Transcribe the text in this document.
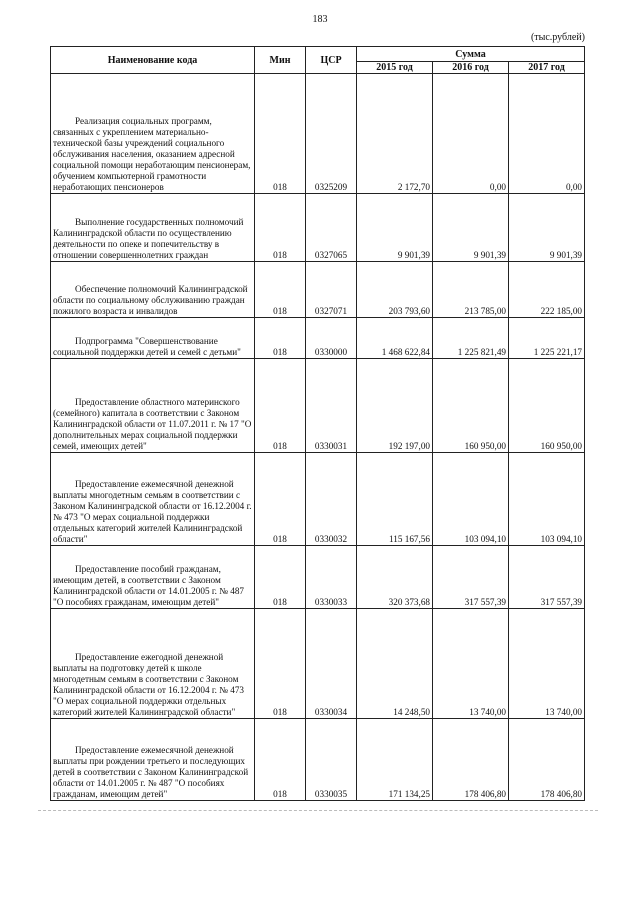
183
(тыс.рублей)
Наименование кода	Мин	ЦСР	Сумма		
			2015 год	2016 год	2017 год
Реализация социальных программ, связанных с укреплением материально-технической базы учреждений социального обслуживания населения, оказанием адресной социальной помощи неработающим пенсионерам, обучением компьютерной грамотности неработающих пенсионеров	018	0325209	2 172,70	0,00	0,00
Выполнение государственных полномочий Калининградской области по осуществлению деятельности по опеке и попечительству в отношении совершеннолетних граждан	018	0327065	9 901,39	9 901,39	9 901,39
Обеспечение полномочий Калининградской области по социальному обслуживанию граждан пожилого возраста и инвалидов	018	0327071	203 793,60	213 785,00	222 185,00
Подпрограмма "Совершенствование социальной поддержки детей и семей с детьми"	018	0330000	1 468 622,84	1 225 821,49	1 225 221,17
Предоставление областного материнского (семейного) капитала в соответствии с Законом Калининградской области от 11.07.2011 г. № 17 "О дополнительных мерах социальной поддержки семей, имеющих детей"	018	0330031	192 197,00	160 950,00	160 950,00
Предоставление ежемесячной денежной выплаты многодетным семьям в соответствии с Законом Калининградской области от 16.12.2004 г. № 473 "О мерах социальной поддержки отдельных категорий жителей Калининградской области"	018	0330032	115 167,56	103 094,10	103 094,10
Предоставление пособий гражданам, имеющим детей, в соответствии с Законом Калининградской области от 14.01.2005 г. № 487 "О пособиях гражданам, имеющим детей"	018	0330033	320 373,68	317 557,39	317 557,39
Предоставление ежегодной денежной выплаты на подготовку детей к школе многодетным семьям в соответствии с Законом Калининградской области от 16.12.2004 г. № 473 "О мерах социальной поддержки отдельных категорий жителей Калининградской области"	018	0330034	14 248,50	13 740,00	13 740,00
Предоставление ежемесячной денежной выплаты при рождении третьего и последующих детей в соответствии с Законом Калининградской области от 14.01.2005 г. № 487 "О пособиях гражданам, имеющим детей"	018	0330035	171 134,25	178 406,80	178 406,80
